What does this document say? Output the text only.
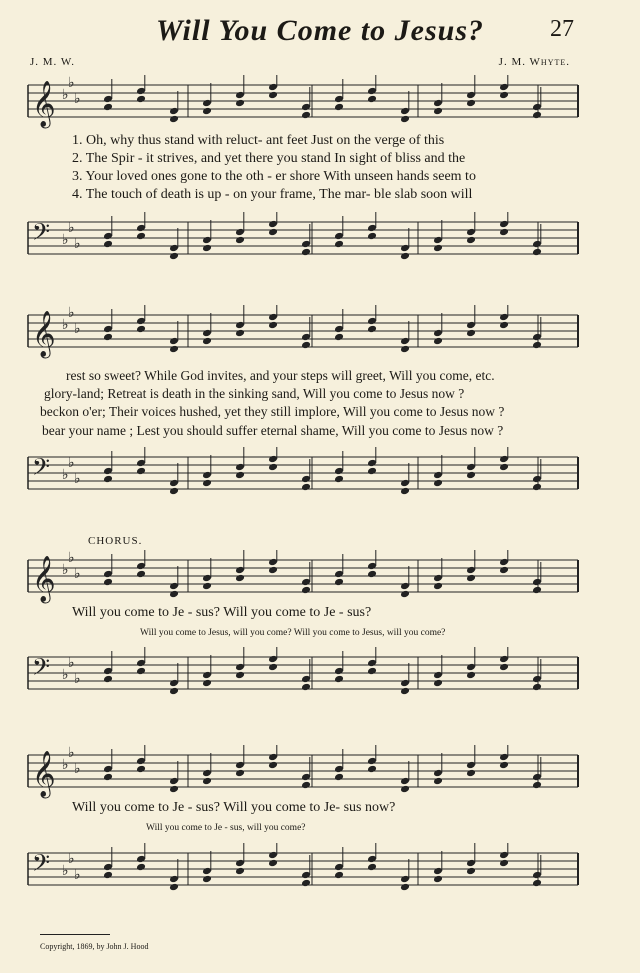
Will You Come to Jesus?	27
J. M. W.	J. M. Whyte.
𝄞 ♭
♭
♭
1. Oh, why thus stand with reluct- ant feet Just on the verge of this
2. The Spir - it strives, and yet there you stand In sight of bliss and the
3. Your loved ones gone to the oth - er shore With unseen hands seem to
4. The touch of death is up - on your frame, The mar- ble slab soon will
𝄢 ♭
♭
♭
𝄞 ♭
♭
♭
rest so sweet? While God invites, and your steps will greet, Will you come, etc.
glory-land; Retreat is death in the sinking sand, Will you come to Jesus now ?
beckon o'er; Their voices hushed, yet they still implore, Will you come to Jesus now ?
bear your name ; Lest you should suffer eternal shame, Will you come to Jesus now ?
𝄢 ♭
♭
♭
CHORUS.
𝄞 ♭
♭
♭
Will you come to Je - sus? Will you come to Je - sus?
Will you come to Jesus, will you come? Will you come to Jesus, will you come?
𝄢 ♭
♭
♭
𝄞 ♭
♭
♭
Will you come to Je - sus? Will you come to Je- sus now?
Will you come to Je - sus, will you come?
𝄢 ♭
♭
♭
Copyright, 1869, by John J. Hood
